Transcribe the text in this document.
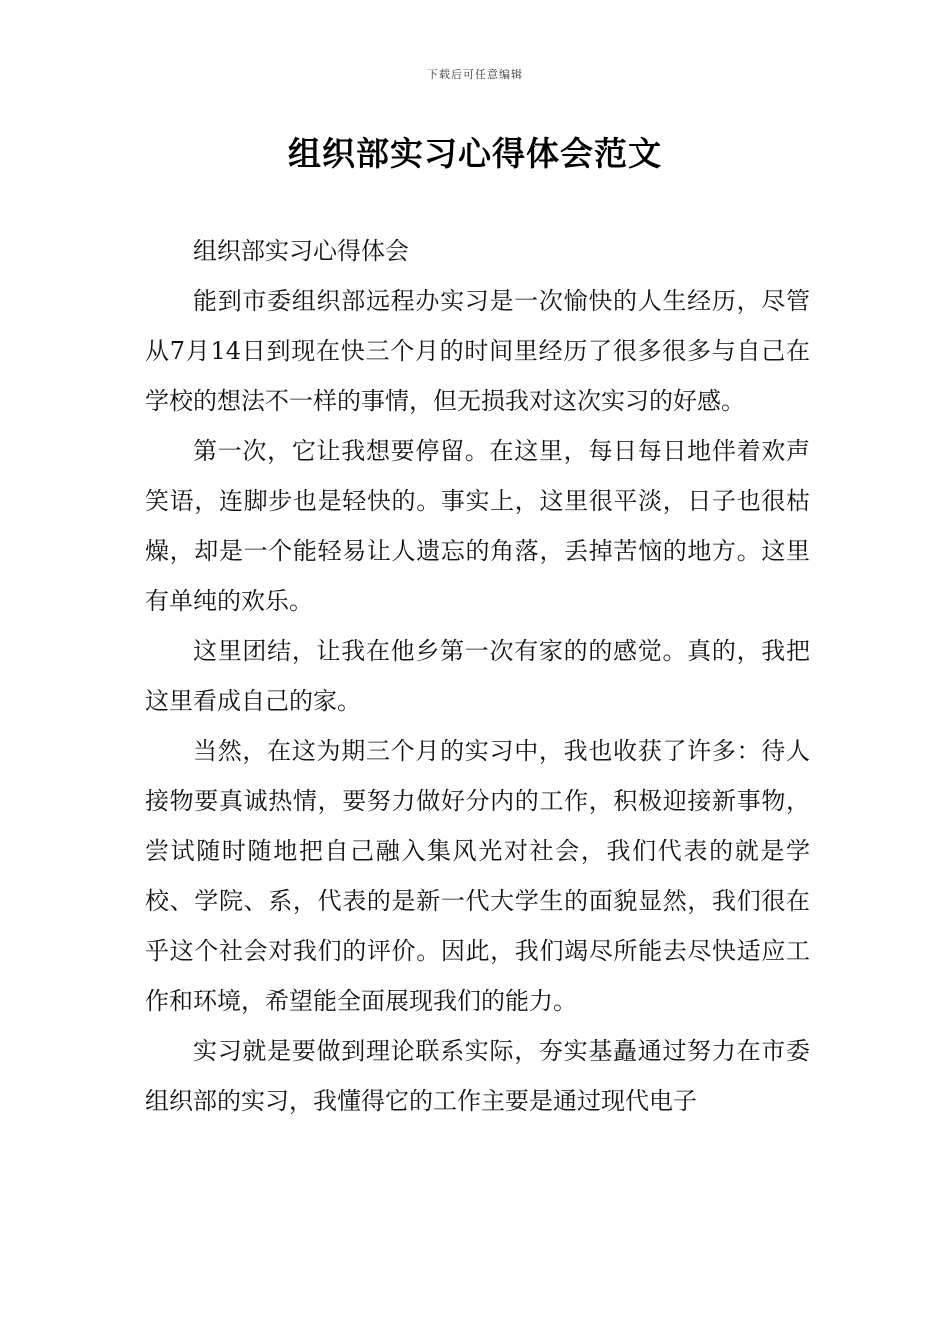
下载后可任意编辑
组织部实习心得体会范文

组织部实习心得体会

能到市委组织部远程办实习是一次愉快的人生经历，尽管从7月14日到现在快三个月的时间里经历了很多很多与自己在学校的想法不一样的事情，但无损我对这次实习的好感。

第一次，它让我想要停留。在这里，每日每日地伴着欢声笑语，连脚步也是轻快的。事实上，这里很平淡，日子也很枯燥，却是一个能轻易让人遗忘的角落，丢掉苦恼的地方。这里有单纯的欢乐。

这里团结，让我在他乡第一次有家的的感觉。真的，我把这里看成自己的家。

当然，在这为期三个月的实习中，我也收获了许多：待人接物要真诚热情，要努力做好分内的工作，积极迎接新事物，尝试随时随地把自己融入集风光对社会，我们代表的就是学校、学院、系，代表的是新一代大学生的面貌显然，我们很在乎这个社会对我们的评价。因此，我们竭尽所能去尽快适应工作和环境，希望能全面展现我们的能力。

实习就是要做到理论联系实际，夯实基矗通过努力在市委组织部的实习，我懂得它的工作主要是通过现代电子
